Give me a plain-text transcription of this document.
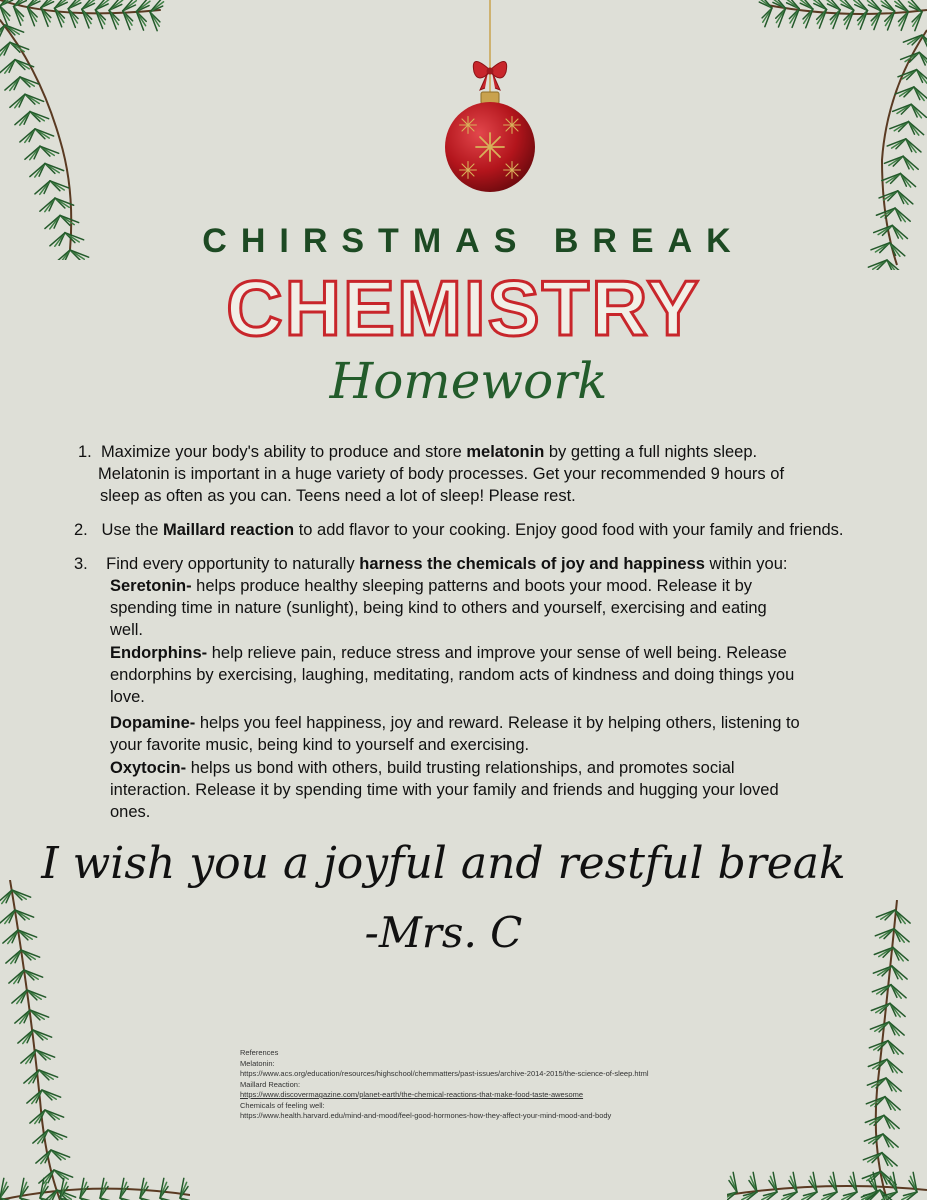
CHIRSTMAS BREAK
CHEMISTRY
Homework
1. Maximize your body's ability to produce and store melatonin by getting a full nights sleep.
Melatonin is important in a huge variety of body processes. Get your recommended 9 hours of
sleep as often as you can. Teens need a lot of sleep! Please rest.
2. Use the Maillard reaction to add flavor to your cooking. Enjoy good food with your family and friends.
3. Find every opportunity to naturally harness the chemicals of joy and happiness within you:
Seretonin- helps produce healthy sleeping patterns and boots your mood. Release it by spending time in nature (sunlight), being kind to others and yourself, exercising and eating well.
Endorphins- help relieve pain, reduce stress and improve your sense of well being. Release endorphins by exercising, laughing, meditating, random acts of kindness and doing things you love.
Dopamine- helps you feel happiness, joy and reward. Release it by helping others, listening to your favorite music, being kind to yourself and exercising.
Oxytocin- helps us bond with others, build trusting relationships, and promotes social interaction. Release it by spending time with your family and friends and hugging your loved ones.
I wish you a joyful and restful break
-Mrs. C
References
Melatonin:
https://www.acs.org/education/resources/highschool/chemmatters/past-issues/archive-2014-2015/the-science-of-sleep.html
Maillard Reaction:
https://www.discovermagazine.com/planet-earth/the-chemical-reactions-that-make-food-taste-awesome
Chemicals of feeling well:
https://www.health.harvard.edu/mind-and-mood/feel-good-hormones-how-they-affect-your-mind-mood-and-body
